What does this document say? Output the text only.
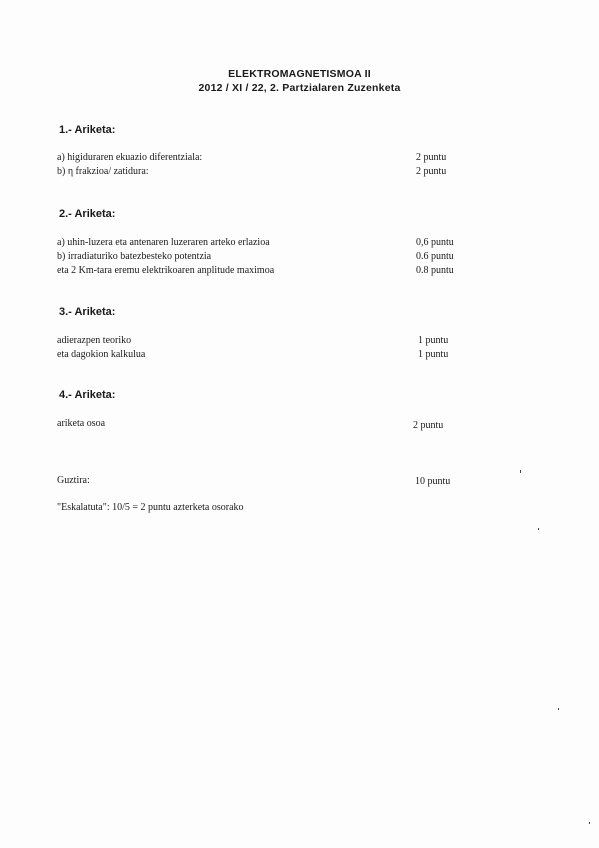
ELEKTROMAGNETISMOA II
2012 / XI / 22, 2. Partzialaren Zuzenketa
1.- Ariketa:
a) higiduraren ekuazio diferentziala:	2 puntu
b) η frakzioa/ zatidura:	2 puntu
2.- Ariketa:
a) uhin-luzera eta antenaren luzeraren arteko erlazioa	0,6 puntu
b) irradiaturiko batezbesteko potentzia	0.6 puntu
eta 2 Km-tara eremu elektrikoaren anplitude maximoa	0.8 puntu
3.- Ariketa:
adierazpen teoriko	1 puntu
eta dagokion kalkulua	1 puntu
4.- Ariketa:
ariketa osoa	2 puntu
Guztira:	10 puntu
"Eskalatuta": 10/5 = 2 puntu azterketa osorako
